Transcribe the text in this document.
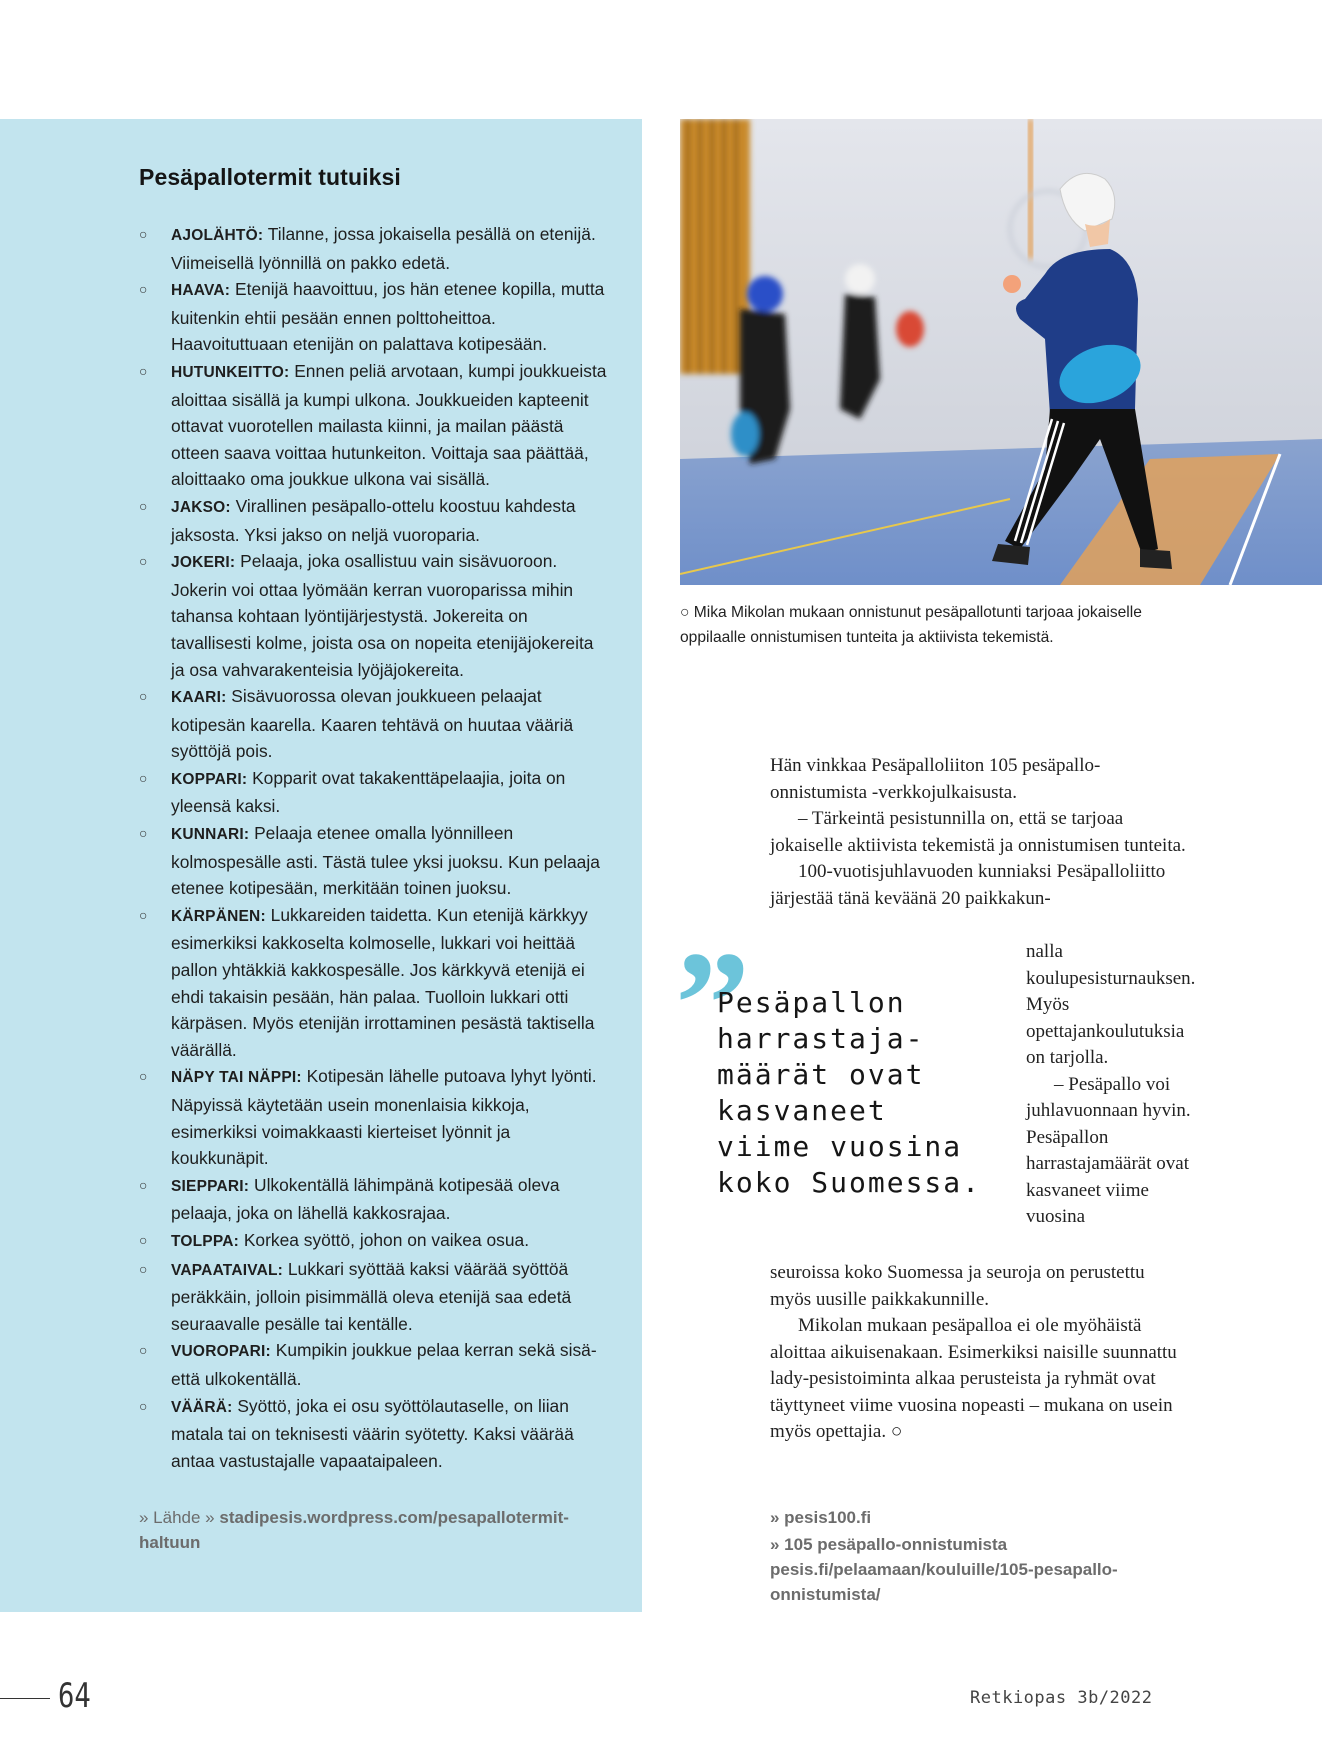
Pesäpallotermit tutuiksi
○ AJOLÄHTÖ: Tilanne, jossa jokaisella pesällä on etenijä. Viimeisellä lyönnillä on pakko edetä.
○ HAAVA: Etenijä haavoittuu, jos hän etenee kopilla, mutta kuitenkin ehtii pesään ennen polttoheittoa. Haavoituttuaan etenijän on palattava kotipesään.
○ HUTUNKEITTO: Ennen peliä arvotaan, kumpi joukkueista aloittaa sisällä ja kumpi ulkona. Joukkueiden kapteenit ottavat vuorotellen mailasta kiinni, ja mailan päästä otteen saava voittaa hutunkeiton. Voittaja saa päättää, aloittaako oma joukkue ulkona vai sisällä.
○ JAKSO: Virallinen pesäpallo-ottelu koostuu kahdesta jaksosta. Yksi jakso on neljä vuoroparia.
○ JOKERI: Pelaaja, joka osallistuu vain sisävuoroon. Jokerin voi ottaa lyömään kerran vuoroparissa mihin tahansa kohtaan lyöntijärjestystä. Jokereita on tavallisesti kolme, joista osa on nopeita etenijäjokereita ja osa vahvarakenteisia lyöjäjokereita.
○ KAARI: Sisävuorossa olevan joukkueen pelaajat kotipesän kaarella. Kaaren tehtävä on huutaa vääriä syöttöjä pois.
○ KOPPARI: Kopparit ovat takakenttäpelaajia, joita on yleensä kaksi.
○ KUNNARI: Pelaaja etenee omalla lyönnilleen kolmospesälle asti. Tästä tulee yksi juoksu. Kun pelaaja etenee kotipesään, merkitään toinen juoksu.
○ KÄRPÄNEN: Lukkareiden taidetta. Kun etenijä kärkkyy esimerkiksi kakkoselta kolmoselle, lukkari voi heittää pallon yhtäkkiä kakkospesälle. Jos kärkkyvä etenijä ei ehdi takaisin pesään, hän palaa. Tuolloin lukkari otti kärpäsen. Myös etenijän irrottaminen pesästä taktisella väärällä.
○ NÄPY TAI NÄPPI: Kotipesän lähelle putoava lyhyt lyönti. Näpyissä käytetään usein monenlaisia kikkoja, esimerkiksi voimakkaasti kierteiset lyönnit ja koukkunäpit.
○ SIEPPARI: Ulkokentällä lähimpänä kotipesää oleva pelaaja, joka on lähellä kakkosrajaa.
○ TOLPPA: Korkea syöttö, johon on vaikea osua.
○ VAPAATAIVAL: Lukkari syöttää kaksi väärää syöttöä peräkkäin, jolloin pisimmällä oleva etenijä saa edetä seuraavalle pesälle tai kentälle.
○ VUOROPARI: Kumpikin joukkue pelaa kerran sekä sisä- että ulkokentällä.
○ VÄÄRÄ: Syöttö, joka ei osu syöttölautaselle, on liian matala tai on teknisesti väärin syötetty. Kaksi väärää antaa vastustajalle vapaataipaleen.
» Lähde » stadipesis.wordpress.com/pesapallotermit-haltuun
○ Mika Mikolan mukaan onnistunut pesäpallotunti tarjoaa jokaiselle oppilaalle onnistumisen tunteita ja aktiivista tekemistä.

Hän vinkkaa Pesäpalloliiton 105 pesäpallo-onnistumista -verkkojulkaisusta.

– Tärkeintä pesistunnilla on, että se tarjoaa jokaiselle aktiivista tekemistä ja onnistumisen tunteita.

100-vuotisjuhlavuoden kunniaksi Pesäpalloliitto järjestää tänä keväänä 20 paikkakun-

”

Pesäpallon
harrastaja-
määrät ovat
kasvaneet
viime vuosina
koko Suomessa.

nalla koulupesisturnauksen. Myös opettajankoulutuksia on tarjolla.

– Pesäpallo voi juhlavuonnaan hyvin. Pesäpallon harrastajamäärät ovat kasvaneet viime vuosina

seuroissa koko Suomessa ja seuroja on perustettu myös uusille paikkakunnille.

Mikolan mukaan pesäpalloa ei ole myöhäistä aloittaa aikuisenakaan. Esimerkiksi naisille suunnattu lady-pesistoiminta alkaa perusteista ja ryhmät ovat täyttyneet viime vuosina nopeasti – mukana on usein myös opettajia. ○

» pesis100.fi
» 105 pesäpallo-onnistumista
pesis.fi/pelaamaan/kouluille/105-pesapallo-onnistumista/
64	Retkiopas 3b/2022
